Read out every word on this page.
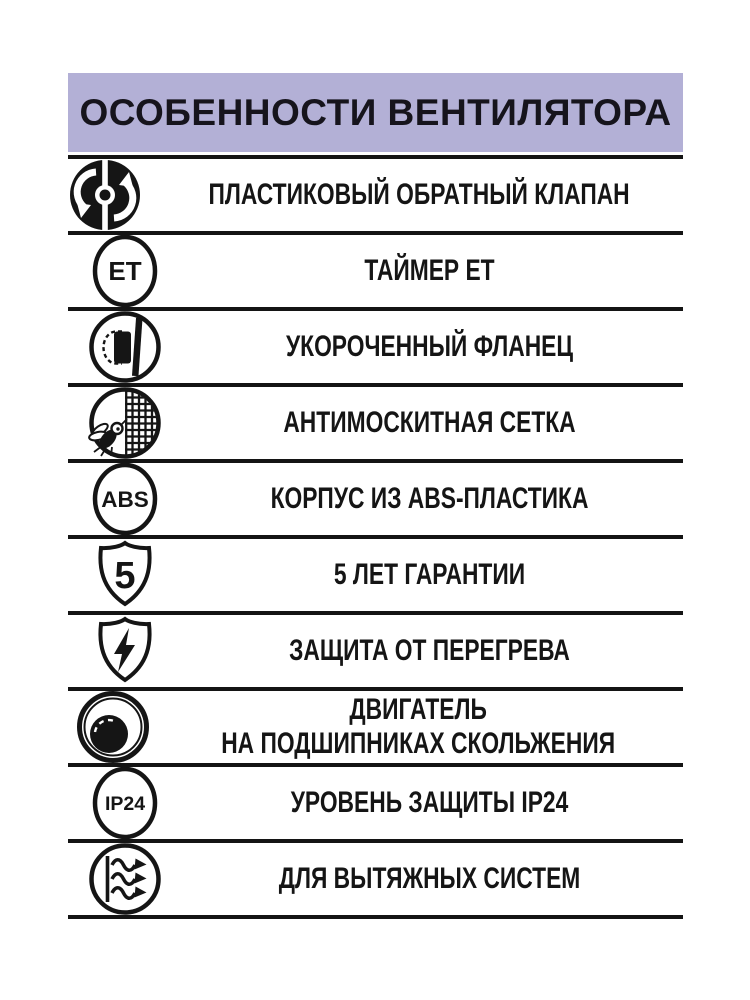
ОСОБЕННОСТИ ВЕНТИЛЯТОРА
ПЛАСТИКОВЫЙ ОБРАТНЫЙ КЛАПАН
ET	ТАЙМЕР ЕТ
УКОРОЧЕННЫЙ ФЛАНЕЦ
АНТИМОСКИТНАЯ СЕТКА
ABS	КОРПУС ИЗ ABS-ПЛАСТИКА
5	5 ЛЕТ ГАРАНТИИ
ЗАЩИТА ОТ ПЕРЕГРЕВА
ДВИГАТЕЛЬ
НА ПОДШИПНИКАХ СКОЛЬЖЕНИЯ
IP24	УРОВЕНЬ ЗАЩИТЫ IP24
ДЛЯ ВЫТЯЖНЫХ СИСТЕМ
